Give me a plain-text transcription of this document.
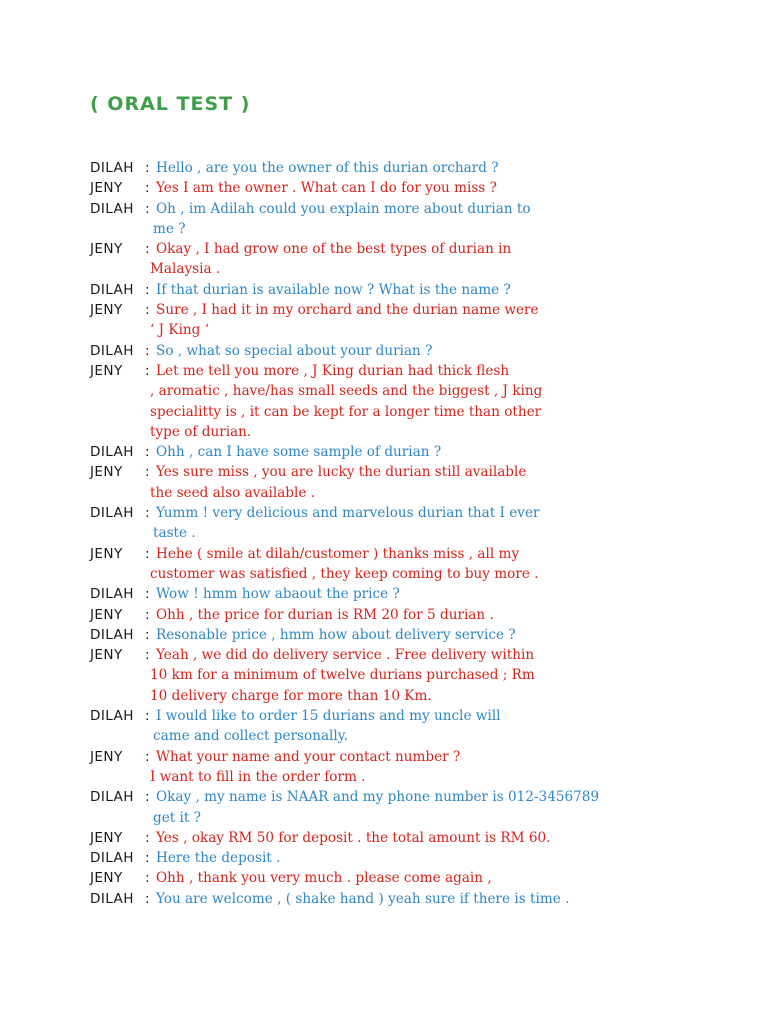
( ORAL TEST )
DILAH : Hello , are you the owner of this durian orchard ?
JENY : Yes I am the owner . What can I do for you miss ?
DILAH : Oh , im Adilah could you explain more about durian to
me ?
JENY : Okay , I had grow one of the best types of durian in
Malaysia .
DILAH : If that durian is available now ? What is the name ?
JENY : Sure , I had it in my orchard and the durian name were
‘ J King ‘
DILAH : So , what so special about your durian ?
JENY : Let me tell you more , J King durian had thick flesh
, aromatic , have/has small seeds and the biggest , J king
specialitty is , it can be kept for a longer time than other
type of durian.
DILAH : Ohh , can I have some sample of durian ?
JENY : Yes sure miss , you are lucky the durian still available
the seed also available .
DILAH : Yumm ! very delicious and marvelous durian that I ever
taste .
JENY : Hehe ( smile at dilah/customer ) thanks miss , all my
customer was satisfied , they keep coming to buy more .
DILAH : Wow ! hmm how abaout the price ?
JENY : Ohh , the price for durian is RM 20 for 5 durian .
DILAH : Resonable price , hmm how about delivery service ?
JENY : Yeah , we did do delivery service . Free delivery within
10 km for a minimum of twelve durians purchased ; Rm
10 delivery charge for more than 10 Km.
DILAH : I would like to order 15 durians and my uncle will
came and collect personally.
JENY : What your name and your contact number ?
I want to fill in the order form .
DILAH : Okay , my name is NAAR and my phone number is 012-3456789
get it ?
JENY : Yes , okay RM 50 for deposit . the total amount is RM 60.
DILAH : Here the deposit .
JENY : Ohh , thank you very much . please come again ,
DILAH : You are welcome , ( shake hand ) yeah sure if there is time .
